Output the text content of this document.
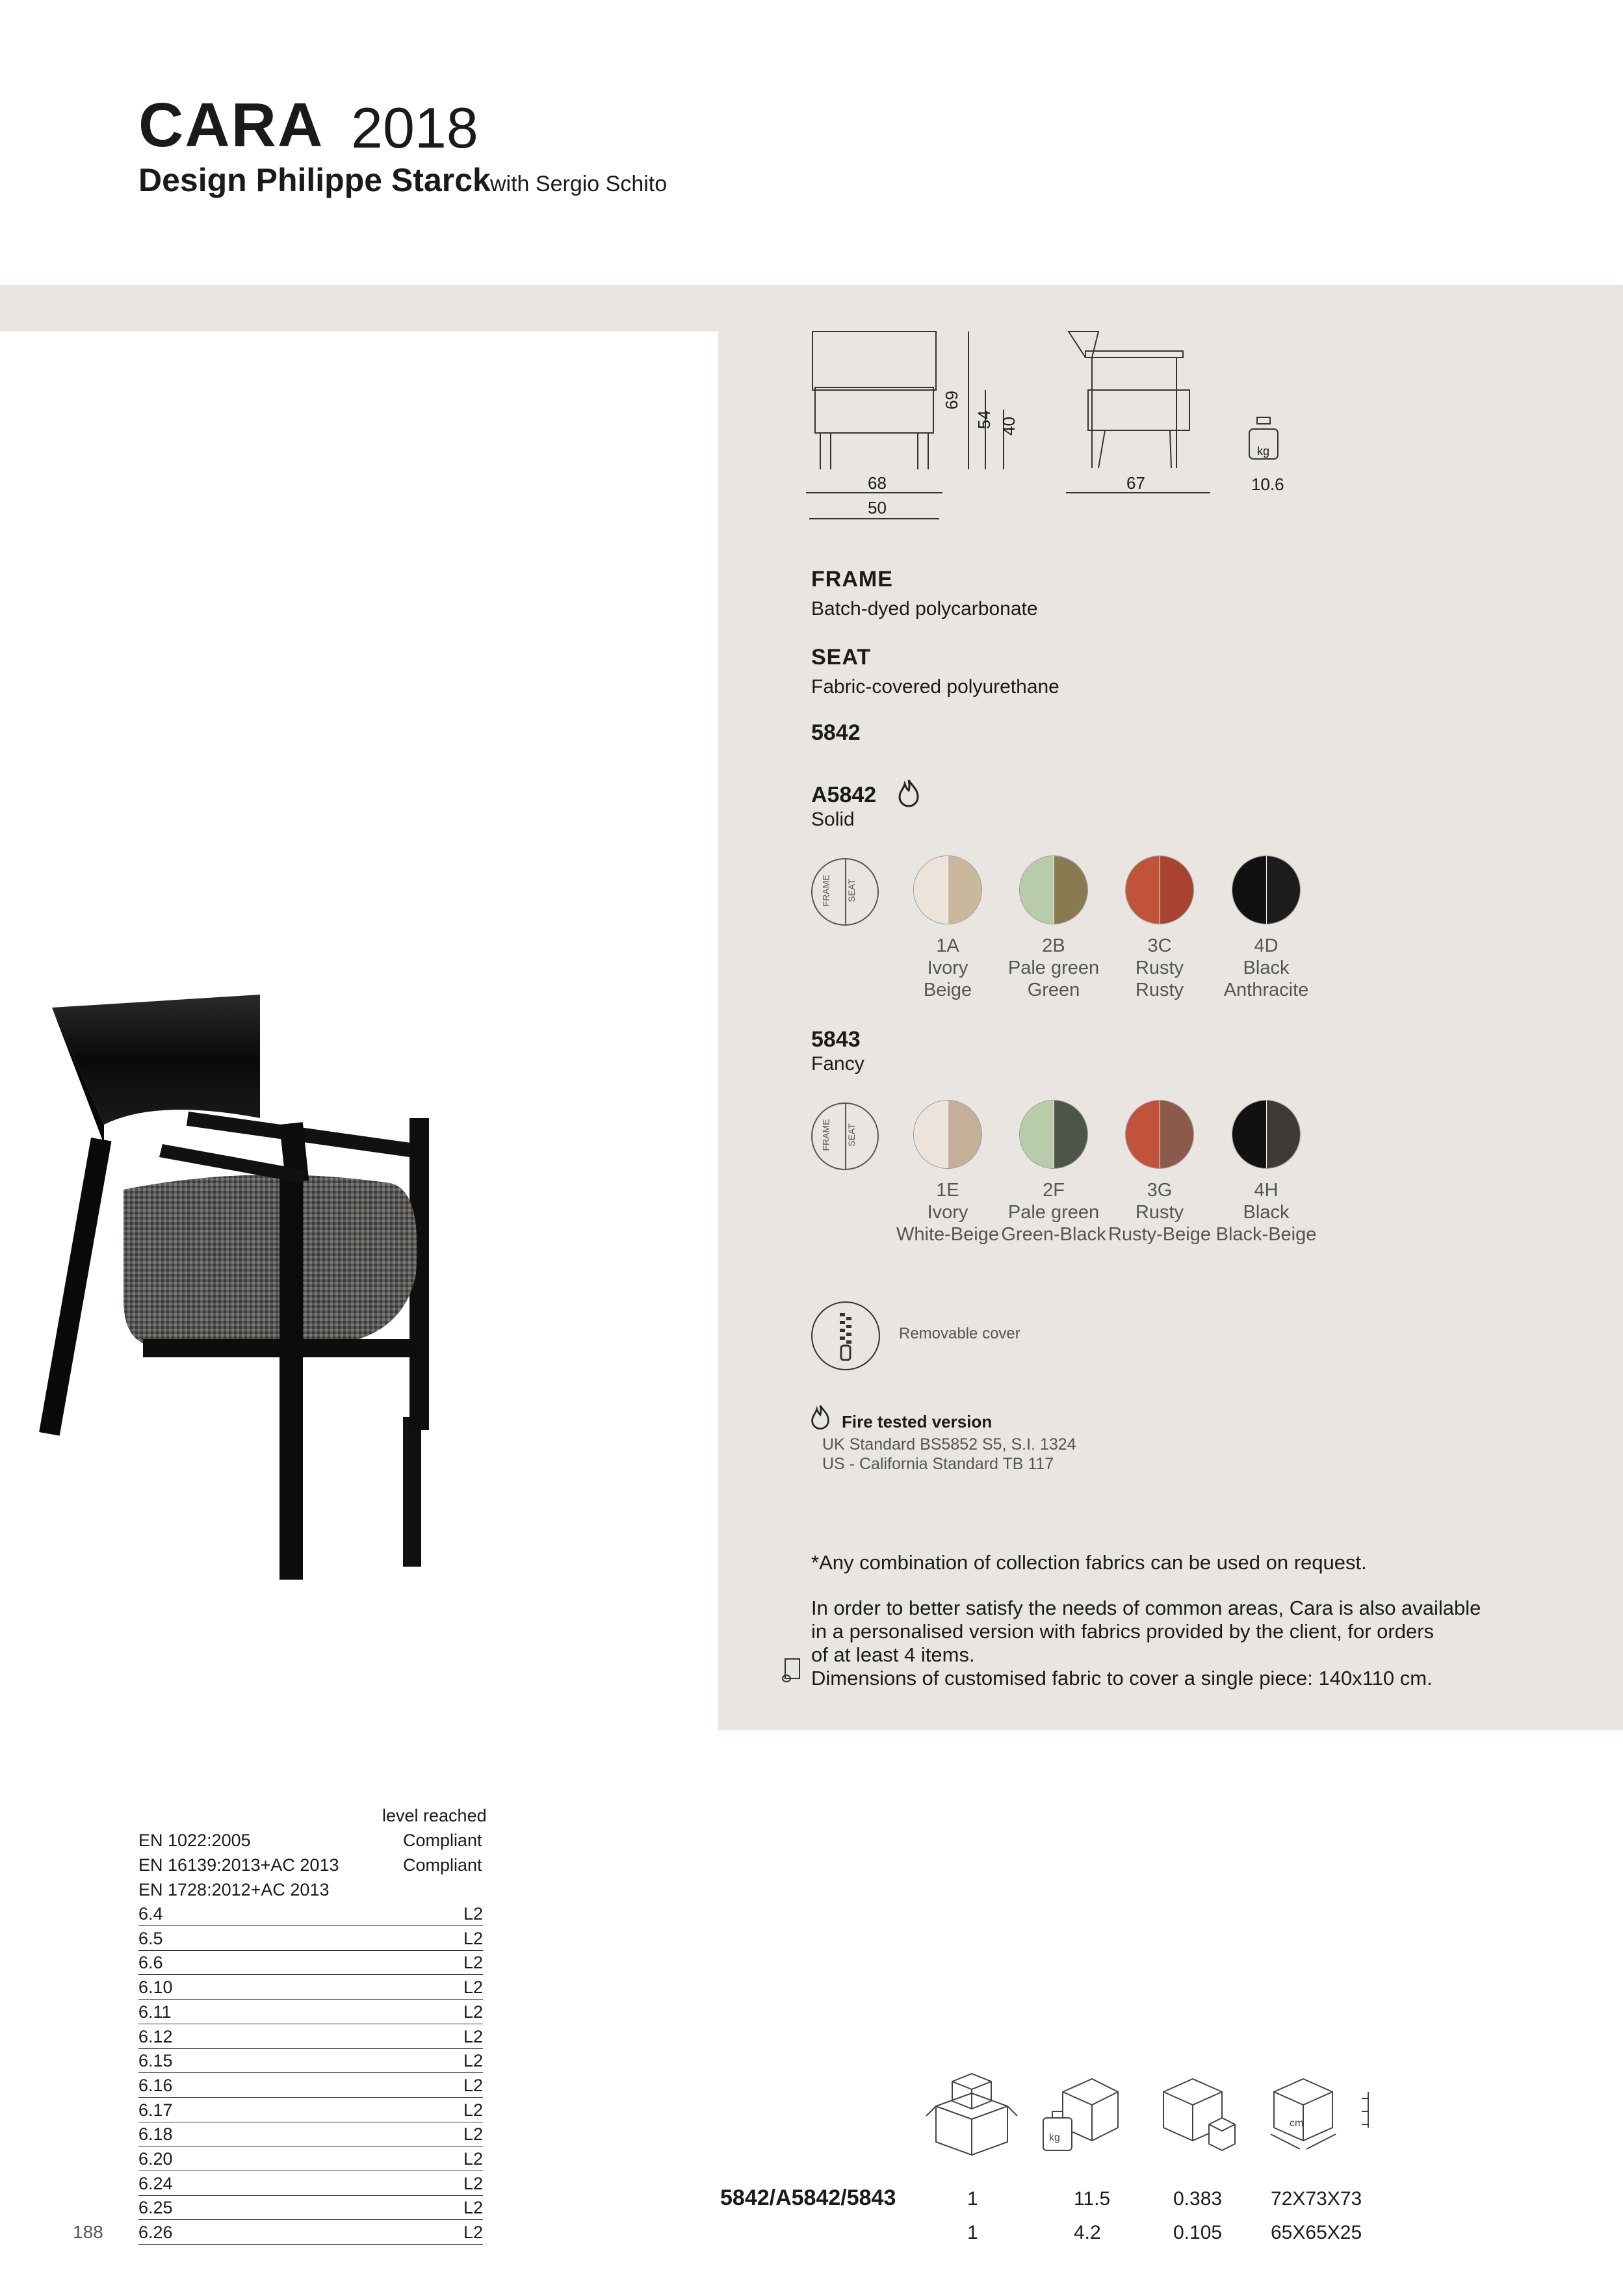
CARA 2018
Design Philippe Starck with Sergio Schito
68
50
69
54 40
67
kg
10.6
FRAME
Batch-dyed polycarbonate
SEAT
Fabric-covered polyurethane
5842
A5842
Solid
FRAME SEAT
1A
Ivory
Beige
2B
Pale green
Green
3C
Rusty
Rusty
4D
Black
Anthracite
5843
Fancy
FRAME SEAT
1E
Ivory
White-Beige
2F
Pale green
Green-Black
3G
Rusty
Rusty-Beige
4H
Black
Black-Beige
Removable cover
Fire tested version
UK Standard BS5852 S5, S.I. 1324
US - California Standard TB 117
*Any combination of collection fabrics can be used on request.
In order to better satisfy the needs of common areas, Cara is also available
in a personalised version with fabrics provided by the client, for orders
of at least 4 items.
Dimensions of customised fabric to cover a single piece: 140x110 cm.
level reached
EN 1022:2005	Compliant
EN 16139:2013+AC 2013	Compliant
EN 1728:2012+AC 2013
6.4	L2
6.5	L2
6.6	L2
6.10	L2
6.11	L2
6.12	L2
6.15	L2
6.16	L2
6.17	L2
6.18	L2
6.20	L2
6.24	L2
6.25	L2
6.26	L2
188
kg
cm
5842/A5842/5843	1	11.5	0.383 72X73X73
1	4.2	0.105 65X65X25
